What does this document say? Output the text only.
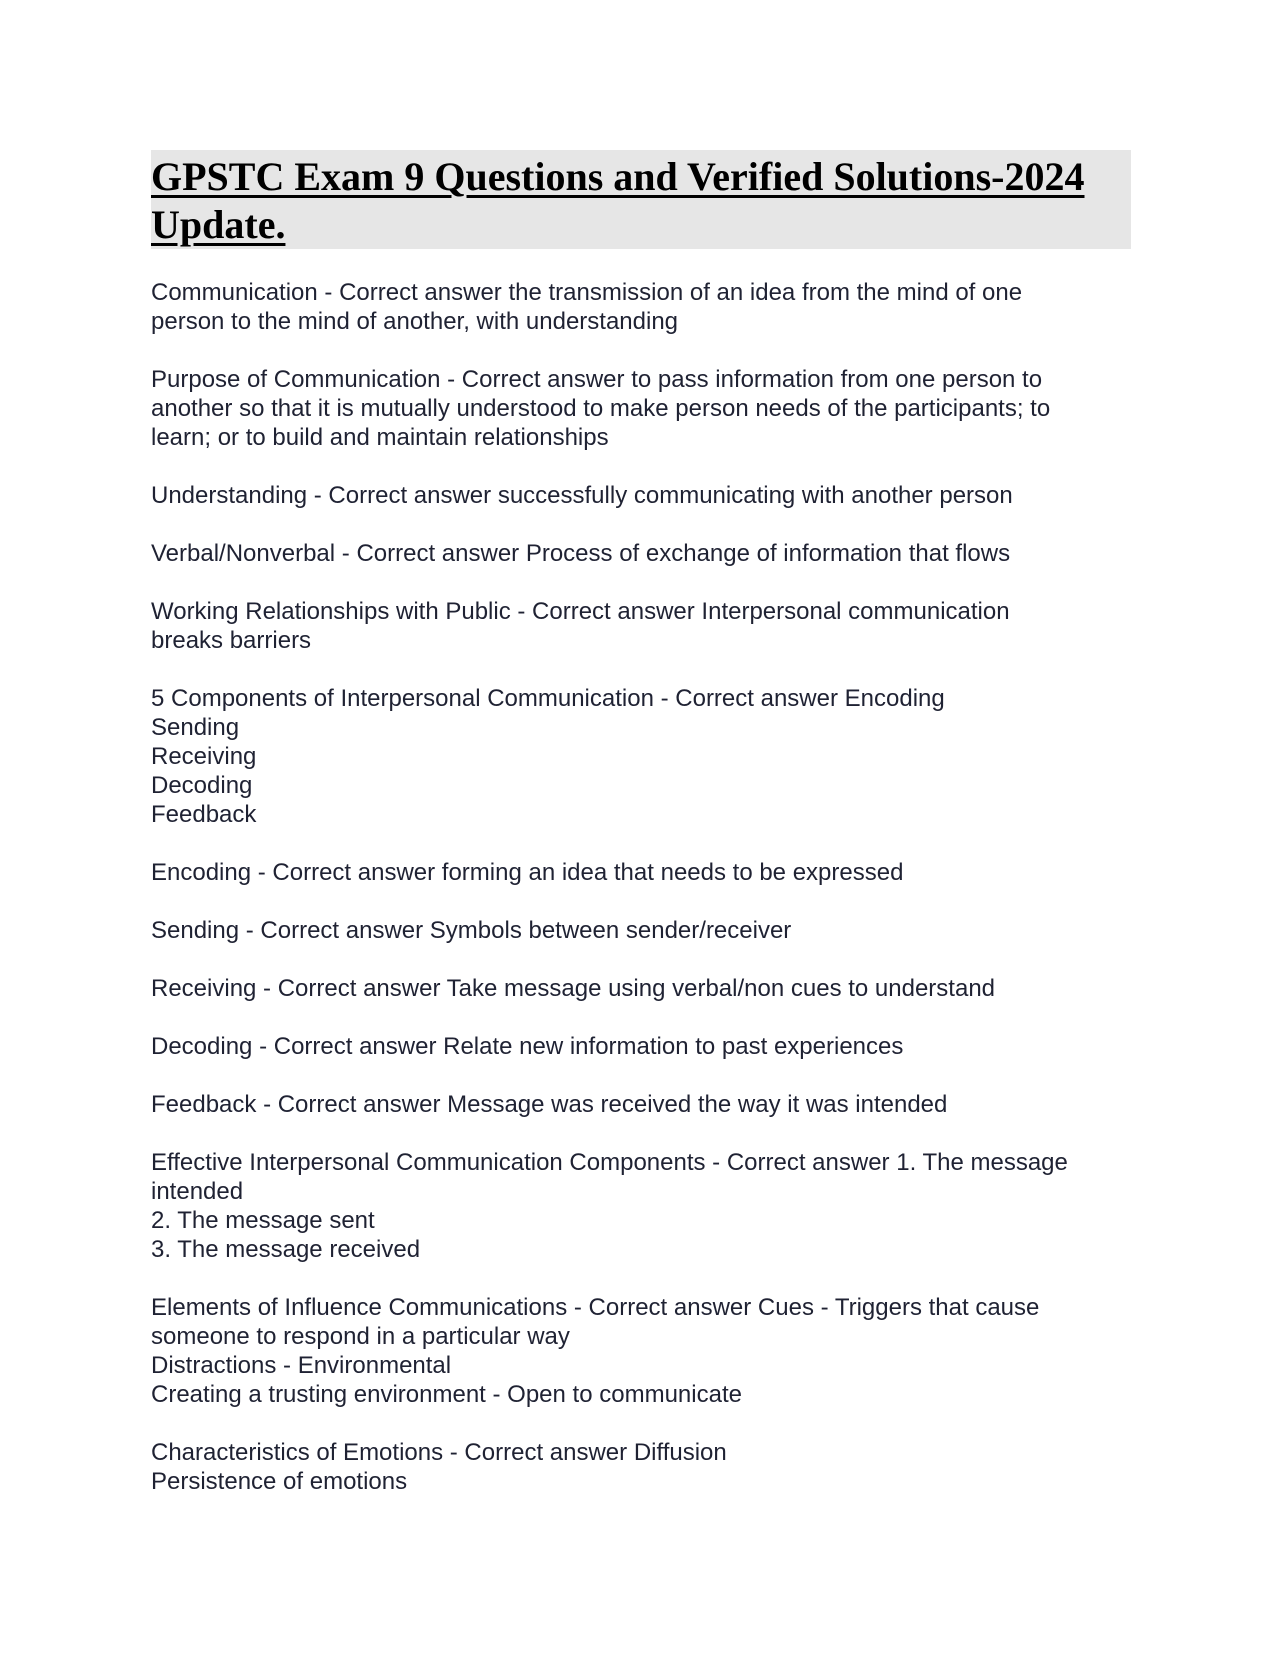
GPSTC Exam 9 Questions and Verified Solutions-2024
Update.
Communication - Correct answer the transmission of an idea from the mind of one
person to the mind of another, with understanding
Purpose of Communication - Correct answer to pass information from one person to
another so that it is mutually understood to make person needs of the participants; to
learn; or to build and maintain relationships
Understanding - Correct answer successfully communicating with another person
Verbal/Nonverbal - Correct answer Process of exchange of information that flows
Working Relationships with Public - Correct answer Interpersonal communication
breaks barriers
5 Components of Interpersonal Communication - Correct answer Encoding
Sending
Receiving
Decoding
Feedback
Encoding - Correct answer forming an idea that needs to be expressed
Sending - Correct answer Symbols between sender/receiver
Receiving - Correct answer Take message using verbal/non cues to understand
Decoding - Correct answer Relate new information to past experiences
Feedback - Correct answer Message was received the way it was intended
Effective Interpersonal Communication Components - Correct answer 1. The message
intended
2. The message sent
3. The message received
Elements of Influence Communications - Correct answer Cues - Triggers that cause
someone to respond in a particular way
Distractions - Environmental
Creating a trusting environment - Open to communicate
Characteristics of Emotions - Correct answer Diffusion
Persistence of emotions
